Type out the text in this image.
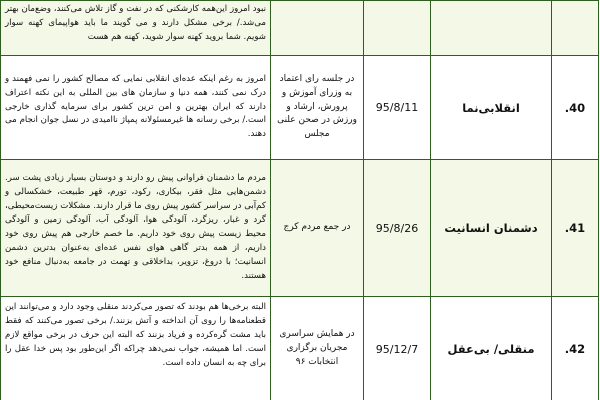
				نبود امروز این‌همه کارشکنی که در نفت و گاز تلاش می‌کنند، وضع‌مان بهتر می‌شد./ برخی مشکل دارند و می گویند ما باید هواپیمای کهنه سوار شویم. شما بروید کهنه سوار شوید، کهنه هم هست
40.	انقلابی‌نما	95/8/11	در جلسه رای اعتماد به وزرای آموزش و پرورش، ارشاد و ورزش در صحن علنی مجلس	امروز به رغم اینکه عده‌ای انقلابی نمایی که مصالح کشور را نمی فهمند و درک نمی کنند، همه دنیا و سازمان های بین المللی به این نکته اعتراف دارند که ایران بهترین و امن ترین کشور برای سرمایه گذاری خارجی است./ برخی رسانه ها غیرمسئولانه پمپاژ ناامیدی در نسل جوان انجام می دهند.
41.	دشمنان انسانیت	95/8/26	در جمع مردم کرج	مردم ما دشمنان فراوانی پیش رو دارند و دوستان بسیار زیادی پشت سر. دشمن‌هایی مثل فقر، بیکاری، رکود، تورم، قهر طبیعت، خشکسالی و کم‌آبی در سراسر کشور پیش روی ما قرار دارند. مشکلات زیست‌محیطی، گرد و غبار، ریزگرد، آلودگی هوا، آلودگی آب، آلودگی زمین و آلودگی محیط زیست پیش روی خود داریم. ما خصم خارجی هم پیش روی خود داریم، از همه بدتر گاهی هوای نفس عده‌ای به‌عنوان بدترین دشمن انسانیت؛ با دروغ، تزویر، بداخلاقی و تهمت در جامعه به‌دنبال منافع خود هستند.
42.	منقلی/ بی‌عقل	95/12/7	در همایش سراسری مجریان برگزاری انتخابات ۹۶	البته برخی‌ها هم بودند که تصور می‌کردند منقلی وجود دارد و می‌توانند این قطعنامه‌ها را روی آن انداخته و آتش بزنند./ برخی تصور می‌کنند که فقط باید مشت گره‌کرده و فریاد بزنند که البته این حرف در برخی مواقع لازم است. اما همیشه، جواب نمی‌دهد چراکه اگر این‌طور بود پس خدا عقل را برای چه به انسان داده است.
